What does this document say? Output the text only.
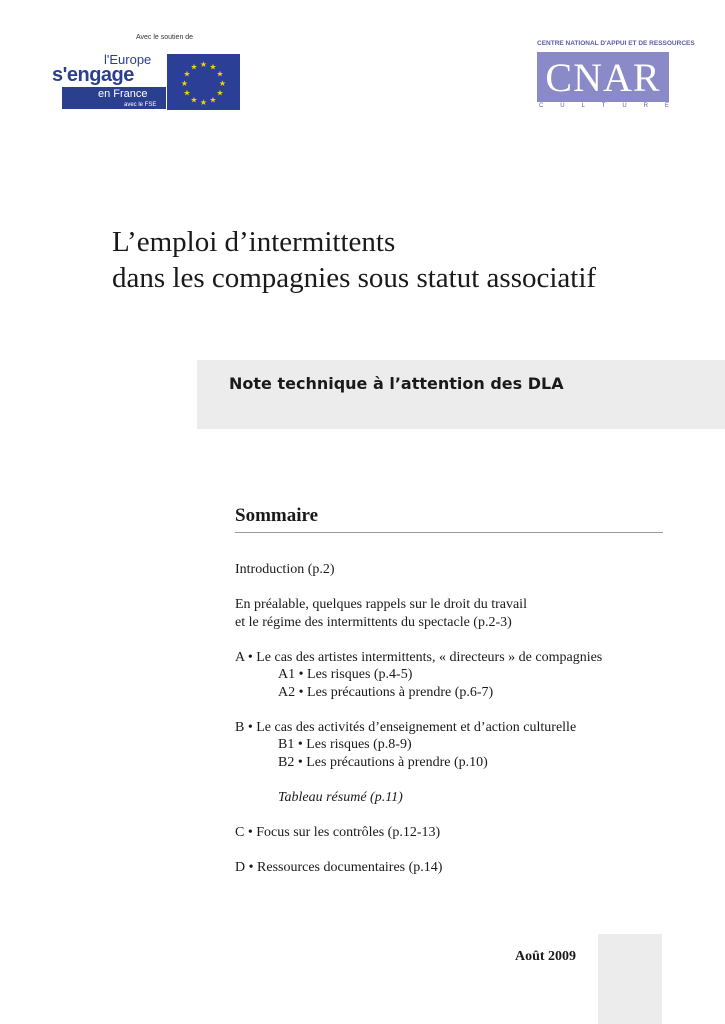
Avec le soutien de
l'Europe
s'engage
en France
avec le FSE
★ ★
★
★
★
★
★
★
★
★
★
★
CENTRE NATIONAL D'APPUI ET DE RESSOURCES
CNAR
C	U	L	T	U	R	E
L’emploi d’intermittents
dans les compagnies sous statut associatif
Note technique à l’attention des DLA
Sommaire
Introduction (p.2)
En préalable, quelques rappels sur le droit du travail
et le régime des intermittents du spectacle (p.2-3)
A • Le cas des artistes intermittents, « directeurs » de compagnies
A1 • Les risques (p.4-5)
A2 • Les précautions à prendre (p.6-7)
B • Le cas des activités d’enseignement et d’action culturelle
B1 • Les risques (p.8-9)
B2 • Les précautions à prendre (p.10)
Tableau résumé (p.11)
C • Focus sur les contrôles (p.12-13)
D • Ressources documentaires (p.14)
Août 2009
